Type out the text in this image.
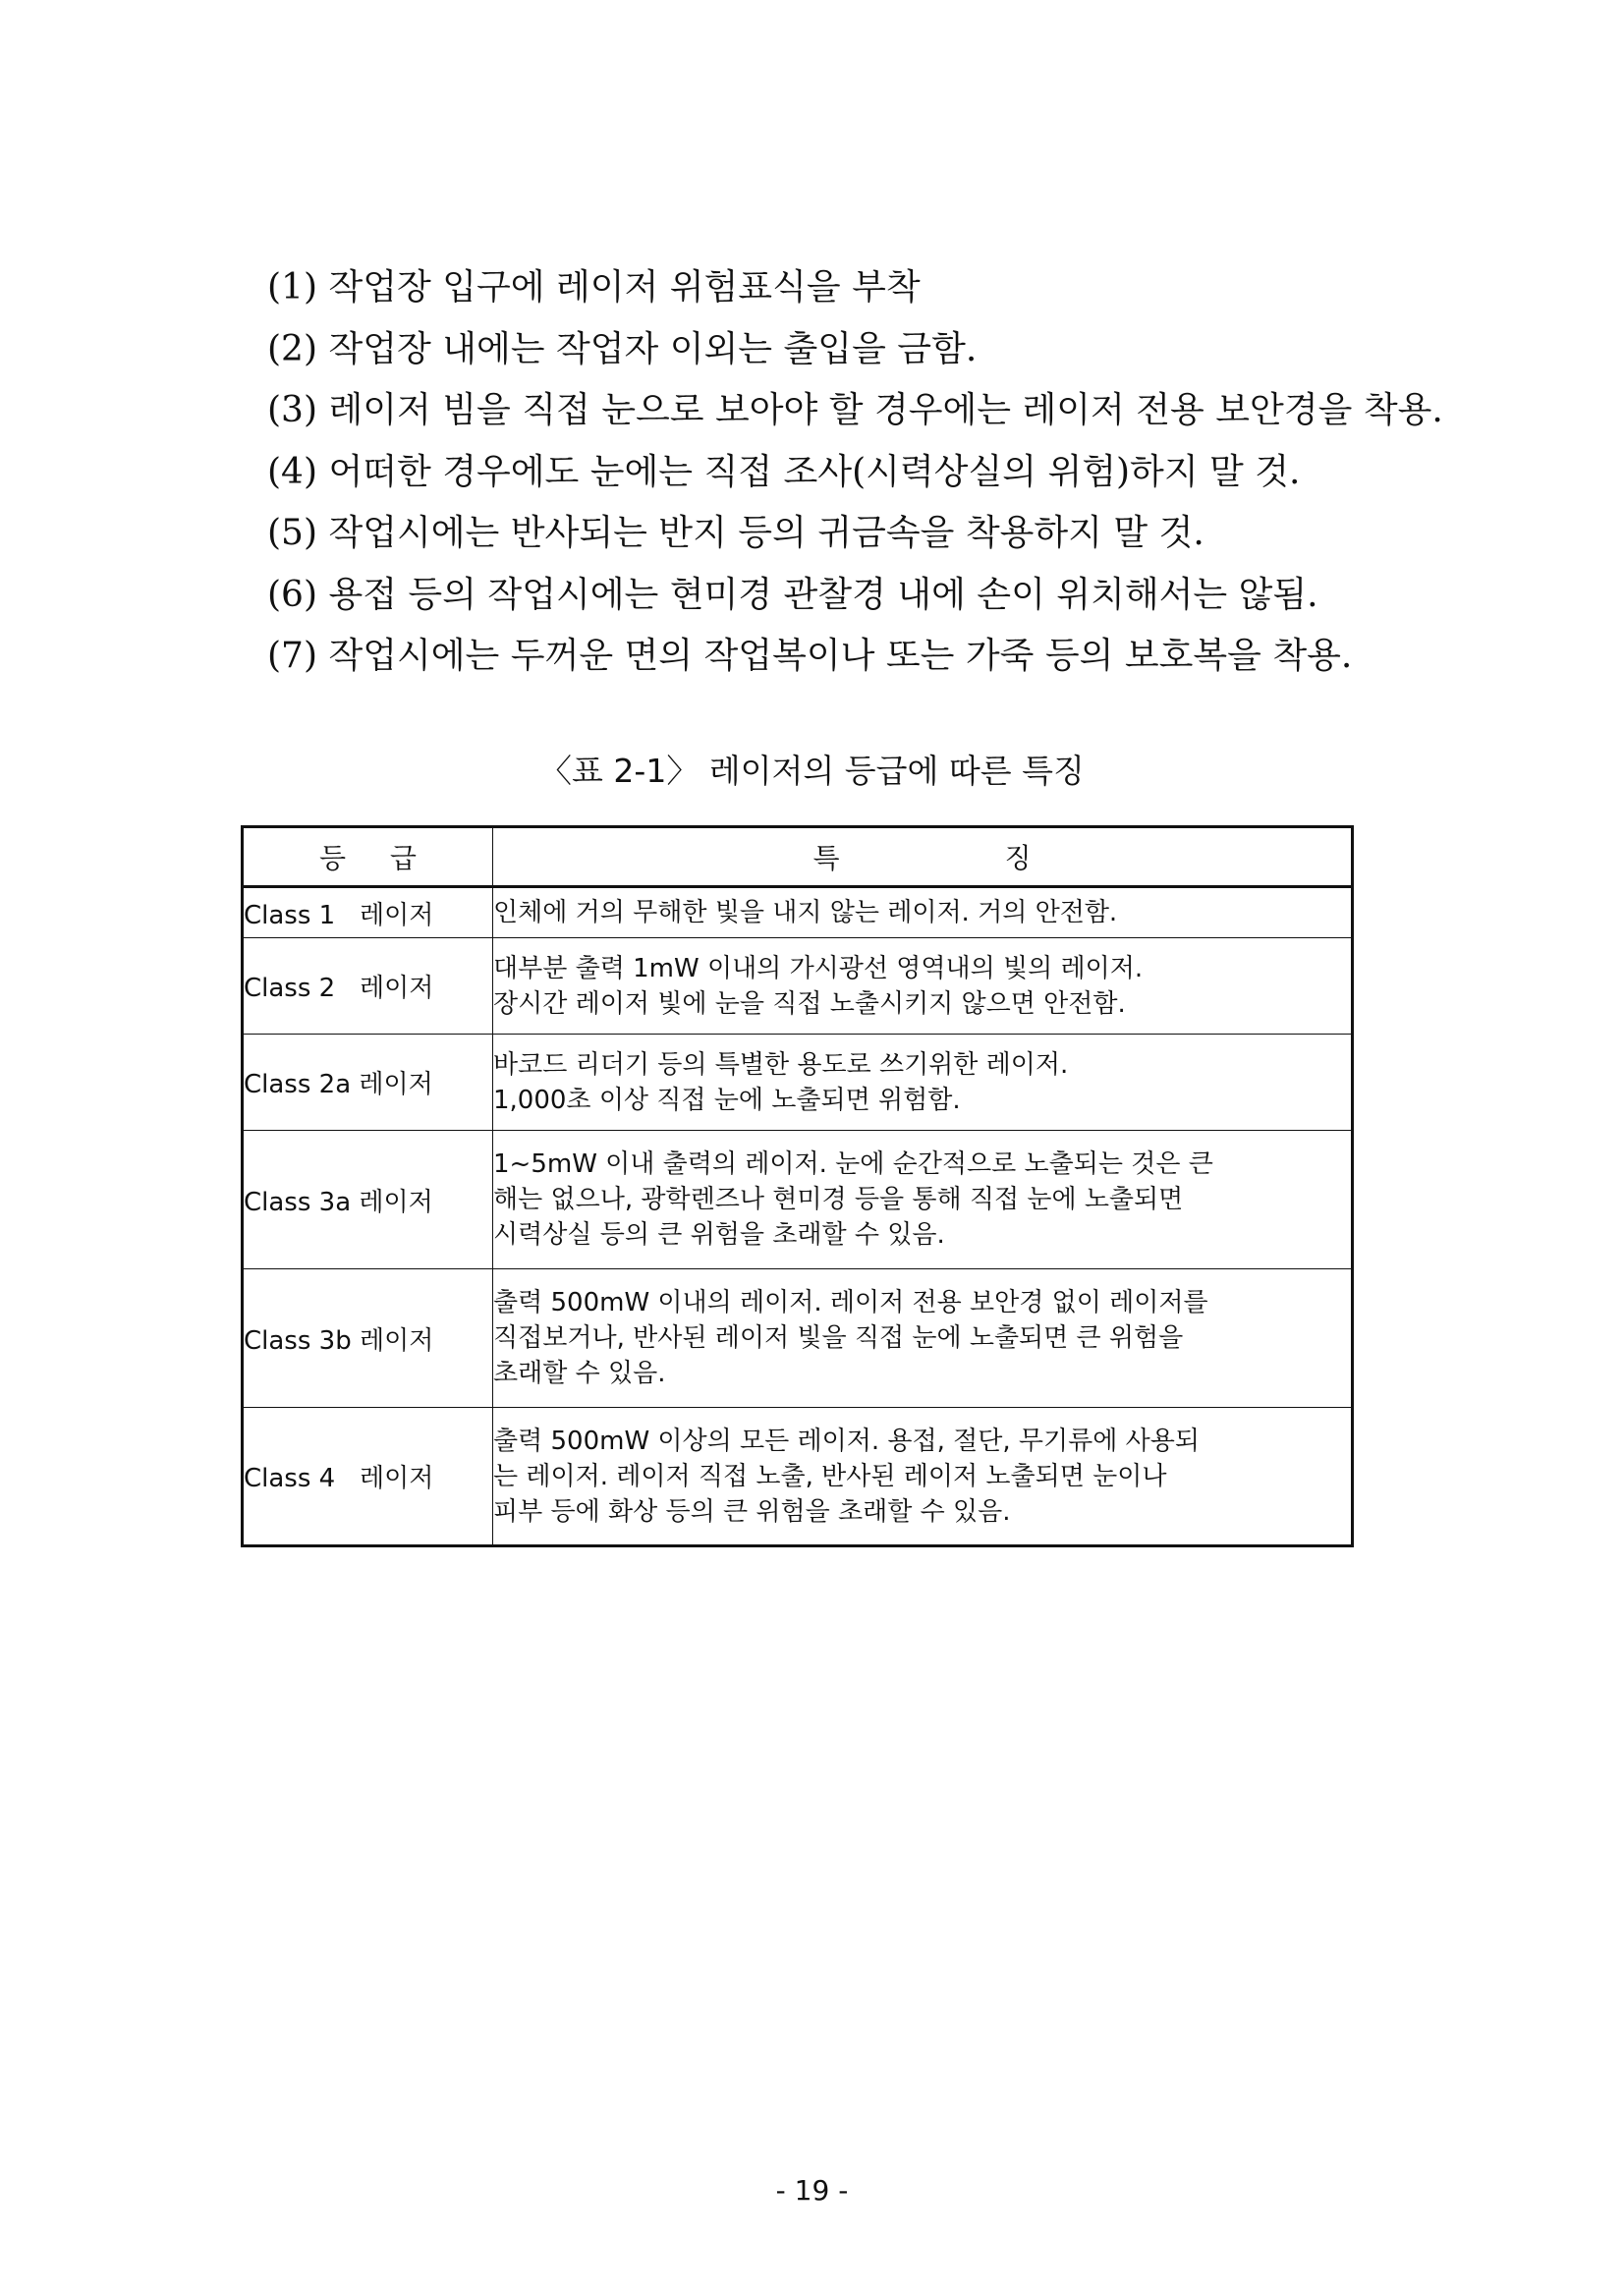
(1) 작업장 입구에 레이저 위험표식을 부착
(2) 작업장 내에는 작업자 이외는 출입을 금함.
(3) 레이저 빔을 직접 눈으로 보아야 할 경우에는 레이저 전용 보안경을 착용.
(4) 어떠한 경우에도 눈에는 직접 조사(시력상실의 위험)하지 말 것.
(5) 작업시에는 반사되는 반지 등의 귀금속을 착용하지 말 것.
(6) 용접 등의 작업시에는 현미경 관찰경 내에 손이 위치해서는 않됨.
(7) 작업시에는 두꺼운 면의 작업복이나 또는 가죽 등의 보호복을 착용.
〈표 2-1〉 레이저의 등급에 따른 특징
등급	특징
Class 1   레이저	인체에 거의 무해한 빛을 내지 않는 레이저. 거의 안전함.

Class 2   레이저	대부분 출력 1mW 이내의 가시광선 영역내의 빛의 레이저.
장시간 레이저 빛에 눈을 직접 노출시키지 않으면 안전함.

Class 2a 레이저	바코드 리더기 등의 특별한 용도로 쓰기위한 레이저.
1,000초 이상 직접 눈에 노출되면 위험함.

Class 3a 레이저	1~5mW 이내 출력의 레이저. 눈에 순간적으로 노출되는 것은 큰
해는 없으나, 광학렌즈나 현미경 등을 통해 직접 눈에 노출되면
시력상실 등의 큰 위험을 초래할 수 있음.

Class 3b 레이저	출력 500mW 이내의 레이저. 레이저 전용 보안경 없이 레이저를
직접보거나, 반사된 레이저 빛을 직접 눈에 노출되면 큰 위험을
초래할 수 있음.

Class 4   레이저	출력 500mW 이상의 모든 레이저. 용접, 절단, 무기류에 사용되
는 레이저. 레이저 직접 노출, 반사된 레이저 노출되면 눈이나
피부 등에 화상 등의 큰 위험을 초래할 수 있음.
- 19 -
